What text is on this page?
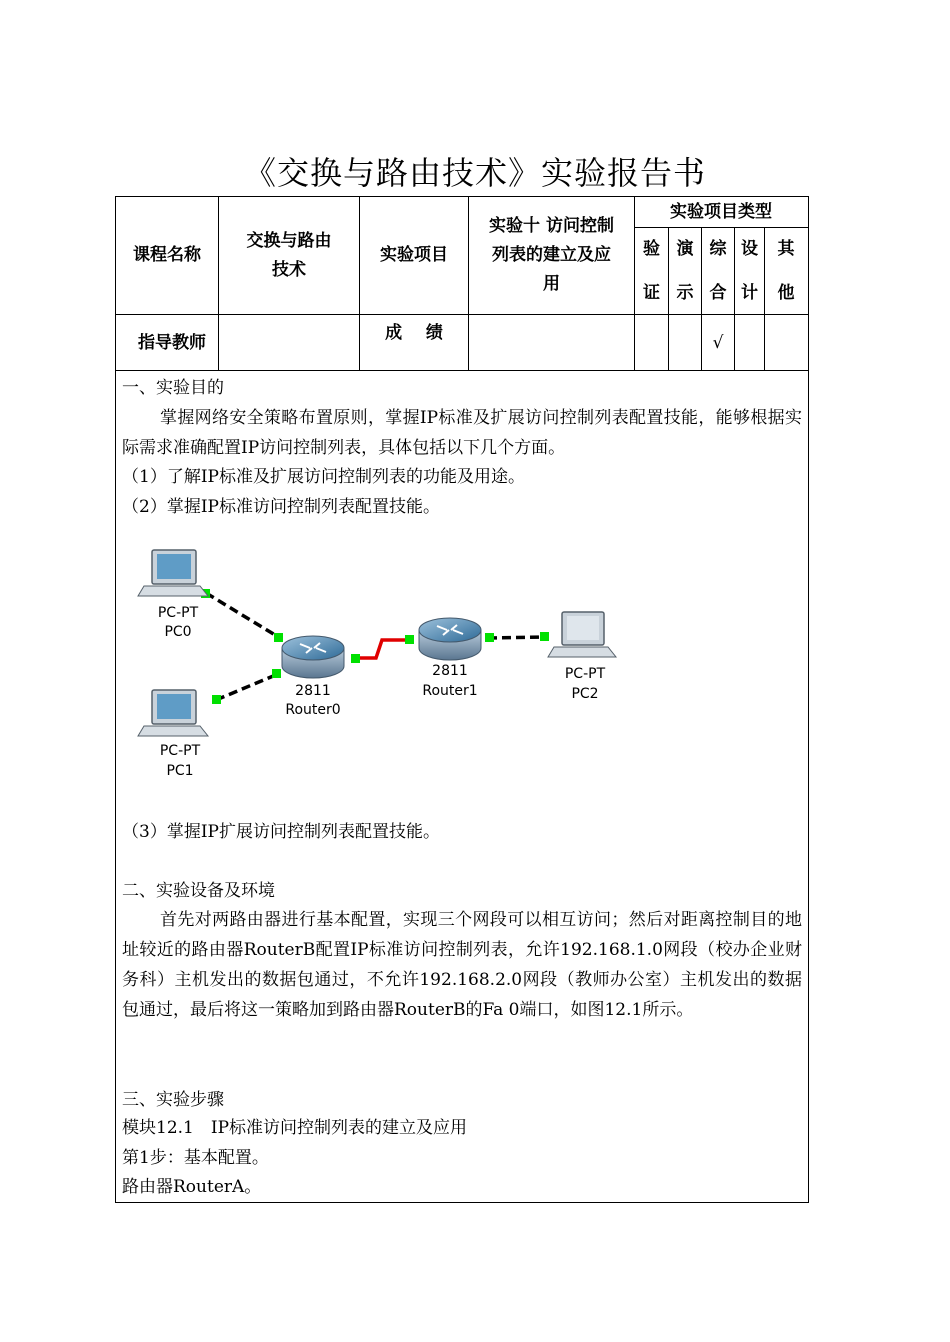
《交换与路由技术》实验报告书
课程名称
交换与路由
技术
实验项目
实验十 访问控制
列表的建立及应
用
实验项目类型
验
证
演
示
综
合
设
计
其
他
指导教师	成    绩	√
一、实验目的
掌握网络安全策略布置原则，掌握IP标准及扩展访问控制列表配置技能，能够根据实际需求准确配置IP访问控制列表，具体包括以下几个方面。
（1）了解IP标准及扩展访问控制列表的功能及用途。
（2）掌握IP标准访问控制列表配置技能。
PC-PT
PC0
PC-PT
PC1
PC-PT
PC2
2811
Router0
2811
Router1
（3）掌握IP扩展访问控制列表配置技能。
二、实验设备及环境
首先对两路由器进行基本配置，实现三个网段可以相互访问；然后对距离控制目的地址较近的路由器RouterB配置IP标准访问控制列表，允许192.168.1.0网段（校办企业财务科）主机发出的数据包通过，不允许192.168.2.0网段（教师办公室）主机发出的数据包通过，最后将这一策略加到路由器RouterB的Fa 0端口，如图12.1所示。
三、实验步骤
模块12.1　IP标准访问控制列表的建立及应用
第1步：基本配置。
路由器RouterA。
